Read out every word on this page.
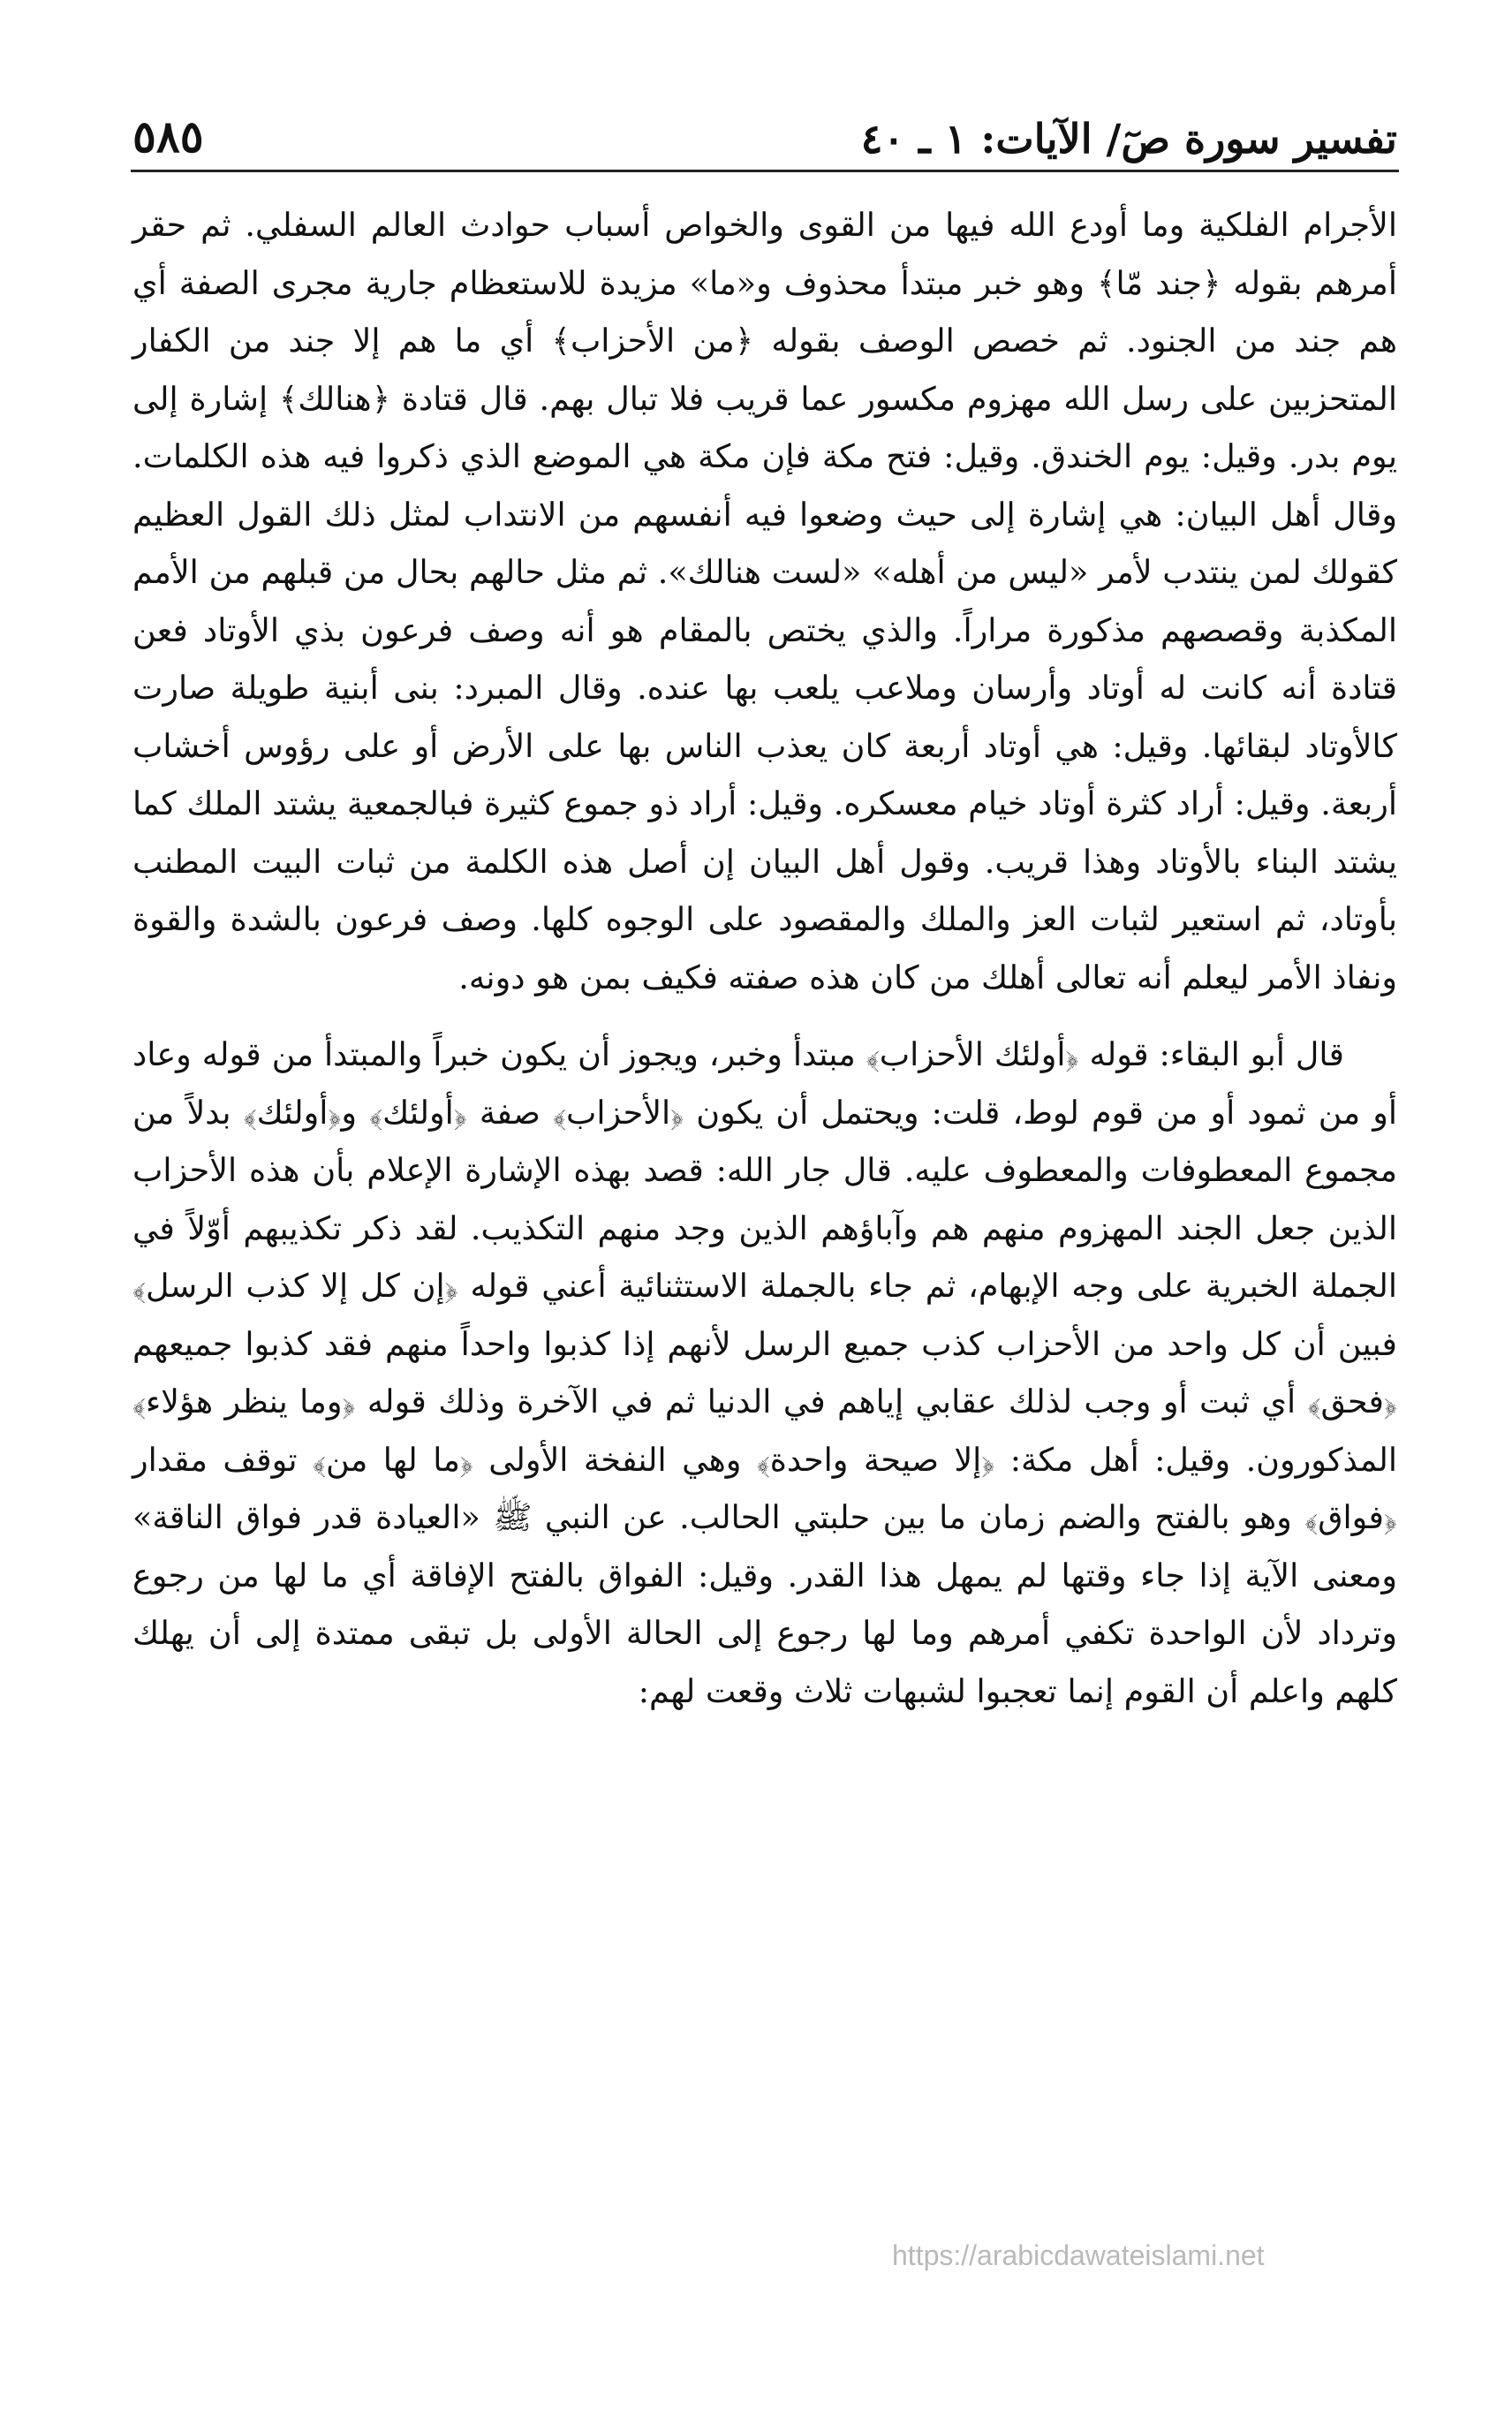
تفسير سورة صٓ/ الآيات: ١ ـ ٤٠
٥٨٥

الأجرام الفلكية وما أودع الله فيها من القوى والخواص أسباب حوادث العالم السفلي. ثم حقر أمرهم بقوله ﴿جند مّا﴾ وهو خبر مبتدأ محذوف و«ما» مزيدة للاستعظام جارية مجرى الصفة أي هم جند من الجنود. ثم خصص الوصف بقوله ﴿من الأحزاب﴾ أي ما هم إلا جند من الكفار المتحزبين على رسل الله مهزوم مكسور عما قريب فلا تبال بهم. قال قتادة ﴿هنالك﴾ إشارة إلى يوم بدر. وقيل: يوم الخندق. وقيل: فتح مكة فإن مكة هي الموضع الذي ذكروا فيه هذه الكلمات. وقال أهل البيان: هي إشارة إلى حيث وضعوا فيه أنفسهم من الانتداب لمثل ذلك القول العظيم كقولك لمن ينتدب لأمر «ليس من أهله» «لست هنالك». ثم مثل حالهم بحال من قبلهم من الأمم المكذبة وقصصهم مذكورة مراراً. والذي يختص بالمقام هو أنه وصف فرعون بذي الأوتاد فعن قتادة أنه كانت له أوتاد وأرسان وملاعب يلعب بها عنده. وقال المبرد: بنى أبنية طويلة صارت كالأوتاد لبقائها. وقيل: هي أوتاد أربعة كان يعذب الناس بها على الأرض أو على رؤوس أخشاب أربعة. وقيل: أراد كثرة أوتاد خيام معسكره. وقيل: أراد ذو جموع كثيرة فبالجمعية يشتد الملك كما يشتد البناء بالأوتاد وهذا قريب. وقول أهل البيان إن أصل هذه الكلمة من ثبات البيت المطنب بأوتاد، ثم استعير لثبات العز والملك والمقصود على الوجوه كلها. وصف فرعون بالشدة والقوة ونفاذ الأمر ليعلم أنه تعالى أهلك من كان هذه صفته فكيف بمن هو دونه.

قال أبو البقاء: قوله ﴿أولئك الأحزاب﴾ مبتدأ وخبر، ويجوز أن يكون خبراً والمبتدأ من قوله وعاد أو من ثمود أو من قوم لوط، قلت: ويحتمل أن يكون ﴿الأحزاب﴾ صفة ﴿أولئك﴾ و﴿أولئك﴾ بدلاً من مجموع المعطوفات والمعطوف عليه. قال جار الله: قصد بهذه الإشارة الإعلام بأن هذه الأحزاب الذين جعل الجند المهزوم منهم هم وآباؤهم الذين وجد منهم التكذيب. لقد ذكر تكذيبهم أوّلاً في الجملة الخبرية على وجه الإبهام، ثم جاء بالجملة الاستثنائية أعني قوله ﴿إن كل إلا كذب الرسل﴾ فبين أن كل واحد من الأحزاب كذب جميع الرسل لأنهم إذا كذبوا واحداً منهم فقد كذبوا جميعهم ﴿فحق﴾ أي ثبت أو وجب لذلك عقابي إياهم في الدنيا ثم في الآخرة وذلك قوله ﴿وما ينظر هؤلاء﴾ المذكورون. وقيل: أهل مكة: ﴿إلا صيحة واحدة﴾ وهي النفخة الأولى ﴿ما لها من﴾ توقف مقدار ﴿فواق﴾ وهو بالفتح والضم زمان ما بين حلبتي الحالب. عن النبي ﷺ «العيادة قدر فواق الناقة» ومعنى الآية إذا جاء وقتها لم يمهل هذا القدر. وقيل: الفواق بالفتح الإفاقة أي ما لها من رجوع وترداد لأن الواحدة تكفي أمرهم وما لها رجوع إلى الحالة الأولى بل تبقى ممتدة إلى أن يهلك كلهم واعلم أن القوم إنما تعجبوا لشبهات ثلاث وقعت لهم:

https://arabicdawateislami.net
